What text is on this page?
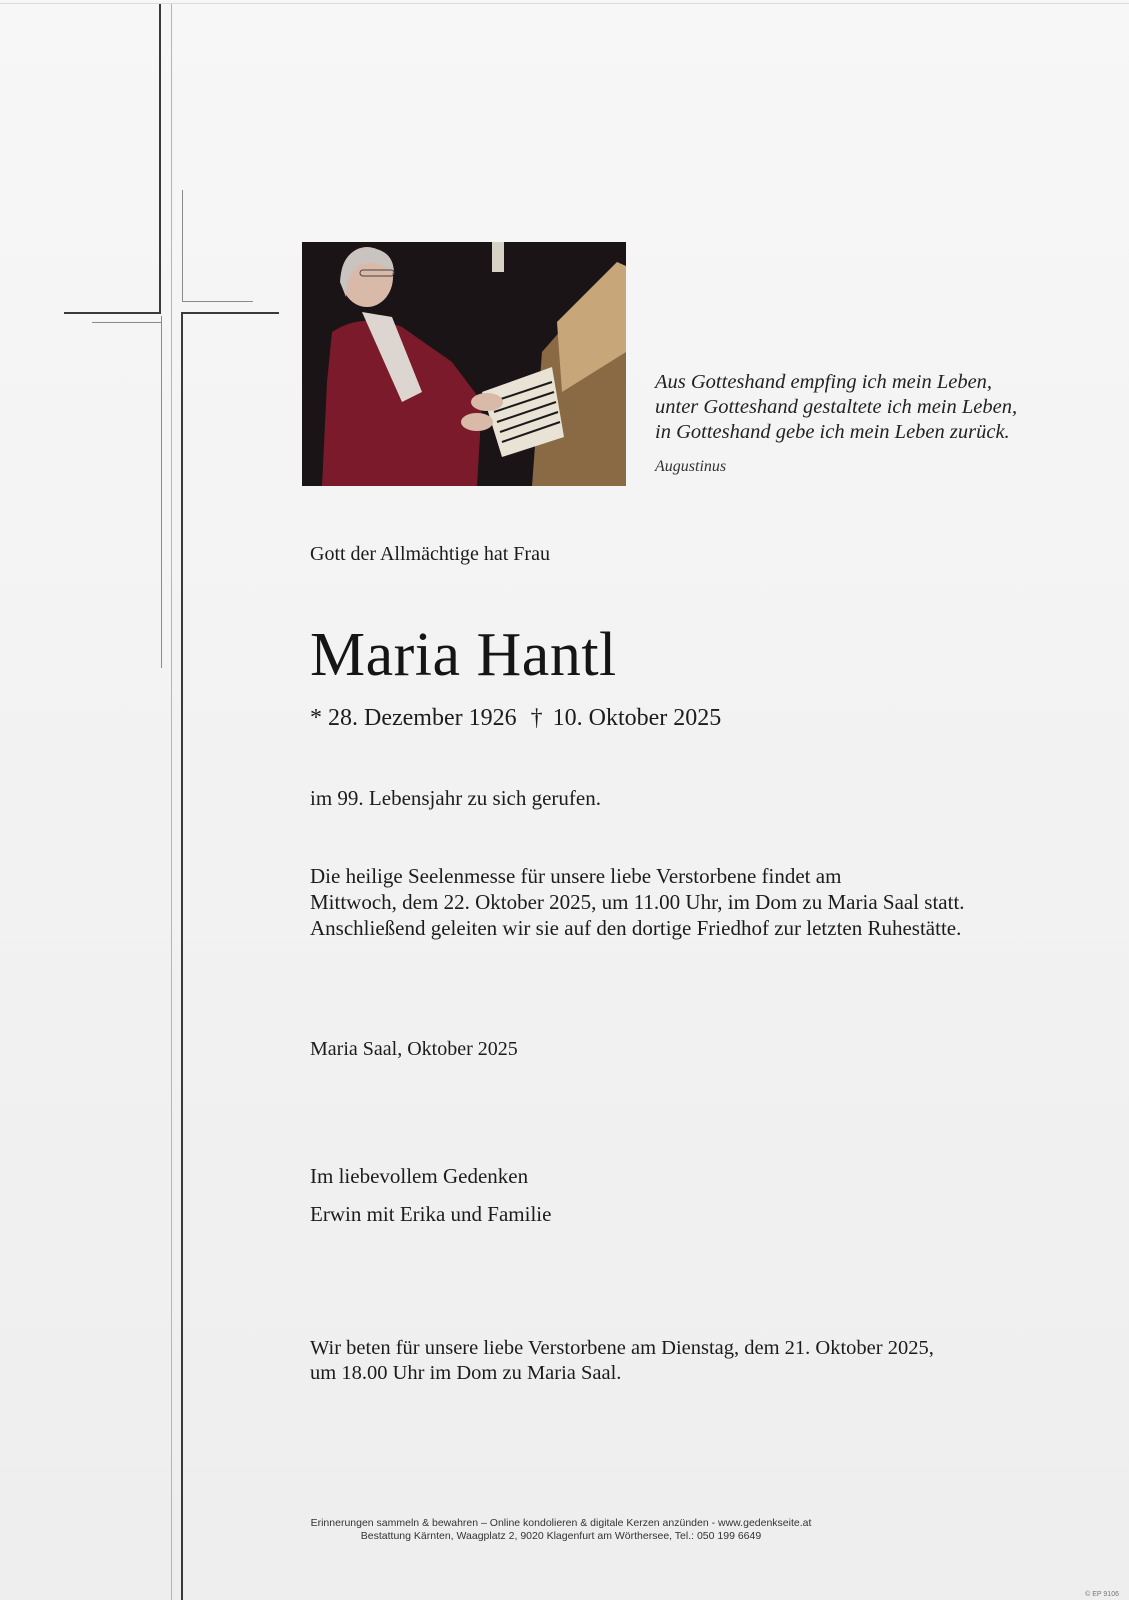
Aus Gotteshand empfing ich mein Leben,
unter Gotteshand gestaltete ich mein Leben,
in Gotteshand gebe ich mein Leben zurück.
Augustinus
Gott der Allmächtige hat Frau
Maria Hantl
* 28. Dezember 1926 † 10. Oktober 2025
im 99. Lebensjahr zu sich gerufen.
Die heilige Seelenmesse für unsere liebe Verstorbene findet am
Mittwoch, dem 22. Oktober 2025, um 11.00 Uhr, im Dom zu Maria Saal statt.
Anschließend geleiten wir sie auf den dortige Friedhof zur letzten Ruhestätte.
Maria Saal, Oktober 2025
Im liebevollem Gedenken
Erwin mit Erika und Familie
Wir beten für unsere liebe Verstorbene am Dienstag, dem 21. Oktober 2025,
um 18.00 Uhr im Dom zu Maria Saal.
Erinnerungen sammeln & bewahren – Online kondolieren & digitale Kerzen anzünden - www.gedenkseite.at
Bestattung Kärnten, Waagplatz 2, 9020 Klagenfurt am Wörthersee, Tel.: 050 199 6649
© EP 9106
